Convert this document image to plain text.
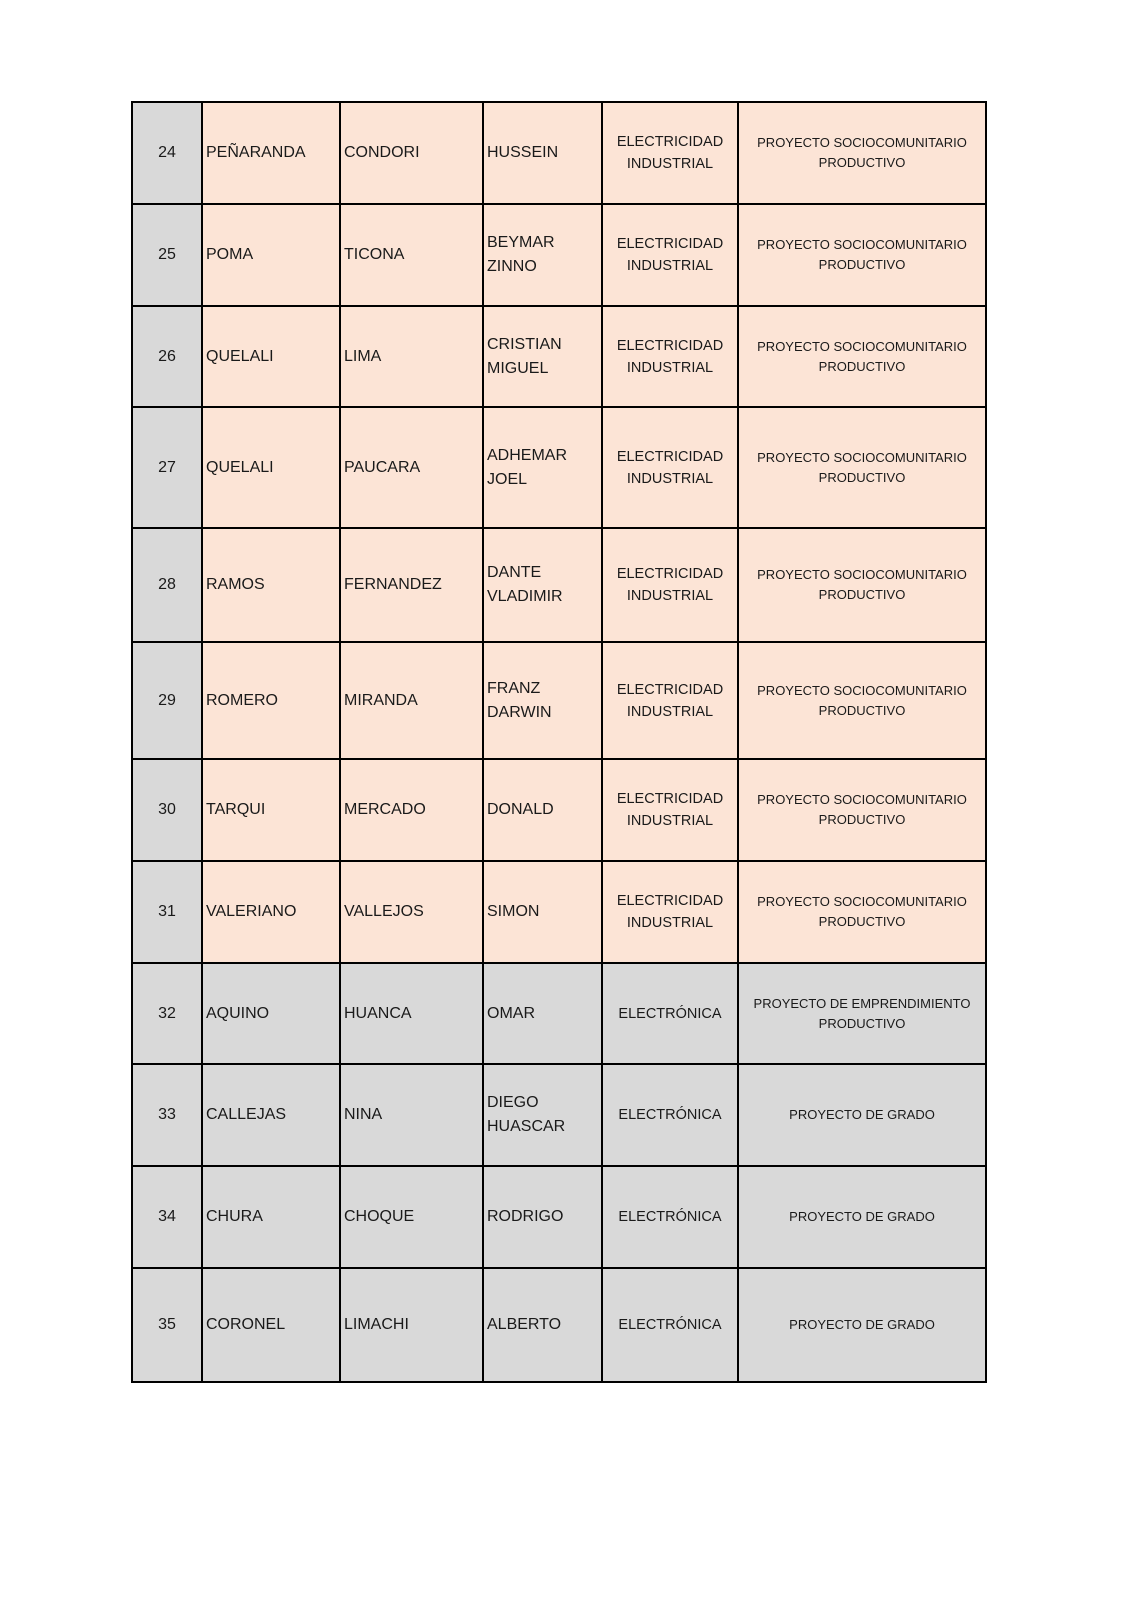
24	PEÑARANDA	CONDORI	HUSSEIN	ELECTRICIDAD INDUSTRIAL	PROYECTO SOCIOCOMUNITARIO PRODUCTIVO
25	POMA	TICONA	BEYMAR ZINNO	ELECTRICIDAD INDUSTRIAL	PROYECTO SOCIOCOMUNITARIO PRODUCTIVO
26	QUELALI	LIMA	CRISTIAN MIGUEL	ELECTRICIDAD INDUSTRIAL	PROYECTO SOCIOCOMUNITARIO PRODUCTIVO
27	QUELALI	PAUCARA	ADHEMAR JOEL	ELECTRICIDAD INDUSTRIAL	PROYECTO SOCIOCOMUNITARIO PRODUCTIVO
28	RAMOS	FERNANDEZ	DANTE VLADIMIR	ELECTRICIDAD INDUSTRIAL	PROYECTO SOCIOCOMUNITARIO PRODUCTIVO
29	ROMERO	MIRANDA	FRANZ DARWIN	ELECTRICIDAD INDUSTRIAL	PROYECTO SOCIOCOMUNITARIO PRODUCTIVO
30	TARQUI	MERCADO	DONALD	ELECTRICIDAD INDUSTRIAL	PROYECTO SOCIOCOMUNITARIO PRODUCTIVO
31	VALERIANO	VALLEJOS	SIMON	ELECTRICIDAD INDUSTRIAL	PROYECTO SOCIOCOMUNITARIO PRODUCTIVO
32	AQUINO	HUANCA	OMAR	ELECTRÓNICA	PROYECTO DE EMPRENDIMIENTO PRODUCTIVO
33	CALLEJAS	NINA	DIEGO HUASCAR	ELECTRÓNICA	PROYECTO DE GRADO
34	CHURA	CHOQUE	RODRIGO	ELECTRÓNICA	PROYECTO DE GRADO
35	CORONEL	LIMACHI	ALBERTO	ELECTRÓNICA	PROYECTO DE GRADO
